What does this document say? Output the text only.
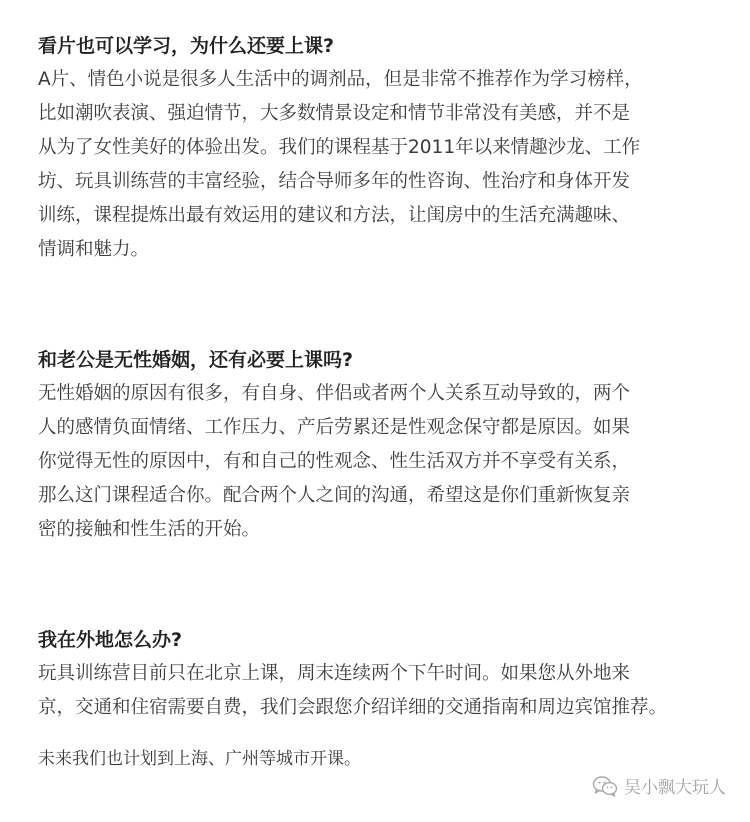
看片也可以学习，为什么还要上课?
A片、情色小说是很多人生活中的调剂品，但是非常不推荐作为学习榜样，
比如潮吹表演、强迫情节，大多数情景设定和情节非常没有美感，并不是
从为了女性美好的体验出发。我们的课程基于2011年以来情趣沙龙、工作
坊、玩具训练营的丰富经验，结合导师多年的性咨询、性治疗和身体开发
训练，课程提炼出最有效运用的建议和方法，让闺房中的生活充满趣味、
情调和魅力。
和老公是无性婚姻，还有必要上课吗?
无性婚姻的原因有很多，有自身、伴侣或者两个人关系互动导致的，两个
人的感情负面情绪、工作压力、产后劳累还是性观念保守都是原因。如果
你觉得无性的原因中，有和自己的性观念、性生活双方并不享受有关系，
那么这门课程适合你。配合两个人之间的沟通，希望这是你们重新恢复亲
密的接触和性生活的开始。
我在外地怎么办?
玩具训练营目前只在北京上课，周末连续两个下午时间。如果您从外地来
京，交通和住宿需要自费，我们会跟您介绍详细的交通指南和周边宾馆推荐。
未来我们也计划到上海、广州等城市开课。
吴小飘大玩人
